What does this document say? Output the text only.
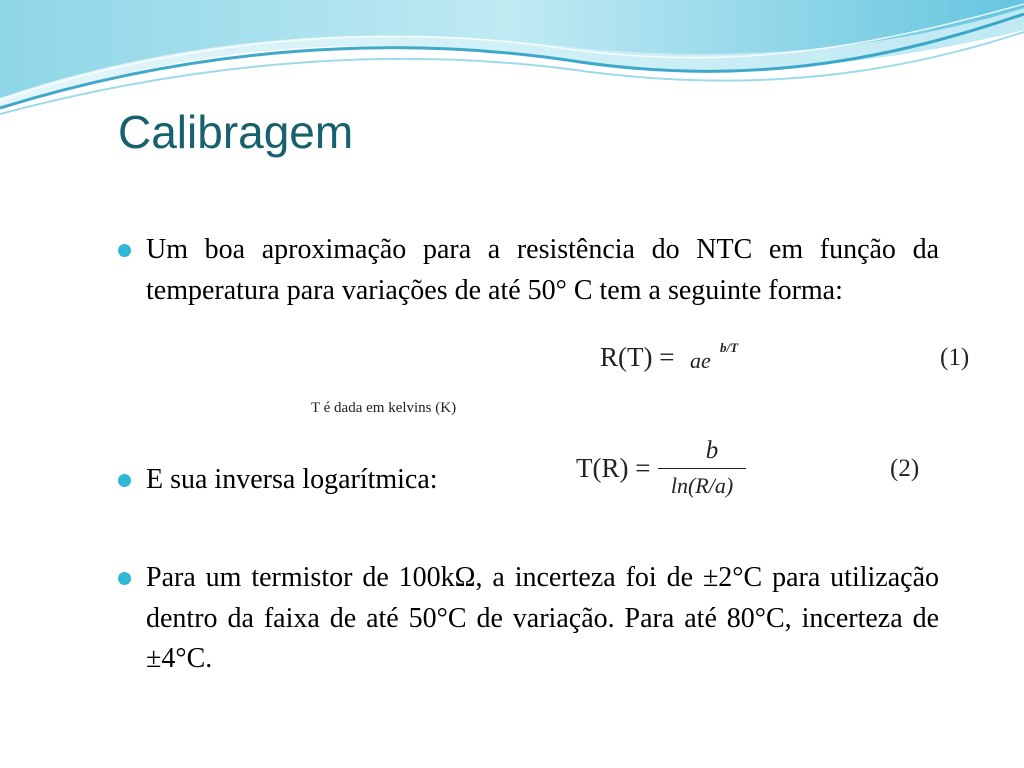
Calibragem
Um boa aproximação para a resistência do NTC em função da temperatura para variações de até 50° C tem a seguinte forma:
R(T) = ae
b/T	(1)
T é dada em kelvins (K)
E sua inversa logarítmica:	T(R) =
b
ln(R/a)
(2)
Para um termistor de 100kΩ, a incerteza foi de ±2°C para utilização dentro da faixa de até 50°C de variação. Para até 80°C, incerteza de ±4°C.
